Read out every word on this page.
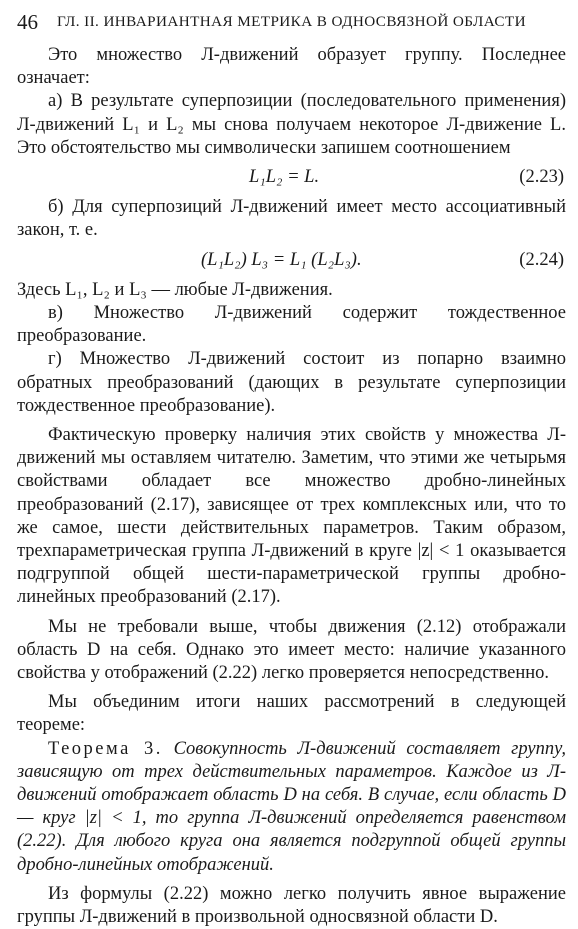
46 ГЛ. II. ИНВАРИАНТНАЯ МЕТРИКА В ОДНОСВЯЗНОЙ ОБЛАСТИ

Это множество Л-движений образует группу. Последнее означает:

а) В результате суперпозиции (последовательного применения) Л-движений L₁ и L₂ мы снова получаем некоторое Л-движение L. Это обстоятельство мы символически запишем соотношением

L₁L₂ = L.	(2.23)

б) Для суперпозиций Л-движений имеет место ассоциативный закон, т. е.

(L₁L₂) L₃ = L₁ (L₂L₃).	(2.24)

Здесь L₁, L₂ и L₃ — любые Л-движения.

в) Множество Л-движений содержит тождественное преобразование.

г) Множество Л-движений состоит из попарно взаимно обратных преобразований (дающих в результате суперпозиции тождественное преобразование).

Фактическую проверку наличия этих свойств у множества Л-движений мы оставляем читателю. Заметим, что этими же четырьмя свойствами обладает все множество дробно-линейных преобразований (2.17), зависящее от трех комплексных или, что то же самое, шести действительных параметров. Таким образом, трехпараметрическая группа Л-движений в круге |z| < 1 оказывается подгруппой общей шести-параметрической группы дробно-линейных преобразований (2.17).

Мы не требовали выше, чтобы движения (2.12) отображали область D на себя. Однако это имеет место: наличие указанного свойства у отображений (2.22) легко проверяется непосредственно.

Мы объединим итоги наших рассмотрений в следующей теореме:

Теорема 3. Совокупность Л-движений составляет группу, зависящую от трех действительных параметров. Каждое из Л-движений отображает область D на себя. В случае, если область D — круг |z| < 1, то группа Л-движений определяется равенством (2.22). Для любого круга она является подгруппой общей группы дробно-линейных отображений.

Из формулы (2.22) можно легко получить явное выражение группы Л-движений в произвольной односвязной области D.
